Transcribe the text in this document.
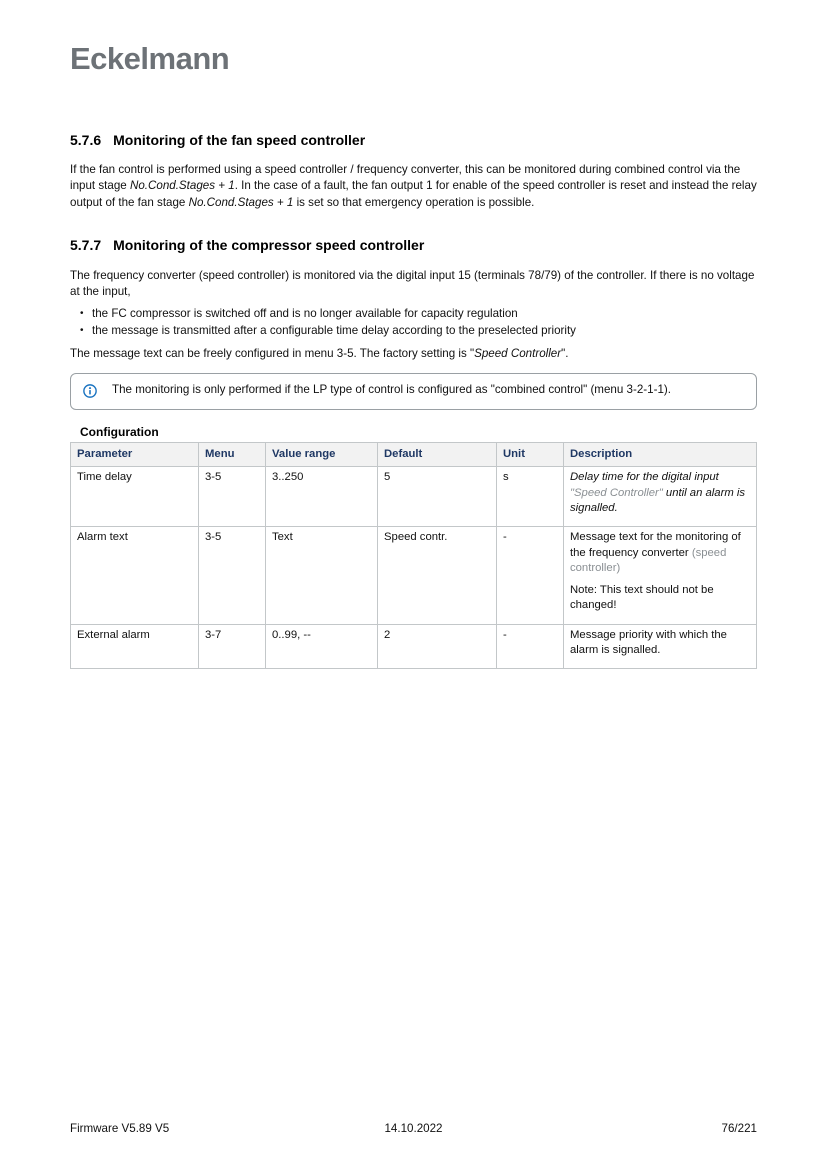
Eckelmann
5.7.6 Monitoring of the fan speed controller

If the fan control is performed using a speed controller / frequency converter, this can be monitored during combined control via the input stage No.Cond.Stages + 1. In the case of a fault, the fan output 1 for enable of the speed controller is reset and instead the relay output of the fan stage No.Cond.Stages + 1 is set so that emergency operation is possible.

5.7.7 Monitoring of the compressor speed controller

The frequency converter (speed controller) is monitored via the digital input 15 (terminals 78/79) of the controller. If there is no voltage at the input,

• the FC compressor is switched off and is no longer available for capacity regulation
• the message is transmitted after a configurable time delay according to the preselected priority

The message text can be freely configured in menu 3-5. The factory setting is "Speed Controller".

The monitoring is only performed if the LP type of control is configured as "combined control" (menu 3-2-1-1).
Configuration
Parameter	Menu	Value range	Default	Unit	Description
Time delay	3-5	3..250	5	s	Delay time for the digital input "Speed Controller" until an alarm is signalled.

Alarm text	3-5	Text	Speed contr.	-	Message text for the monitoring of the frequency converter (speed controller)

Note: This text should not be changed!

External alarm	3-7	0..99, --	2	-	Message priority with which the alarm is signalled.

Firmware V5.89 V5	14.10.2022	76/221
